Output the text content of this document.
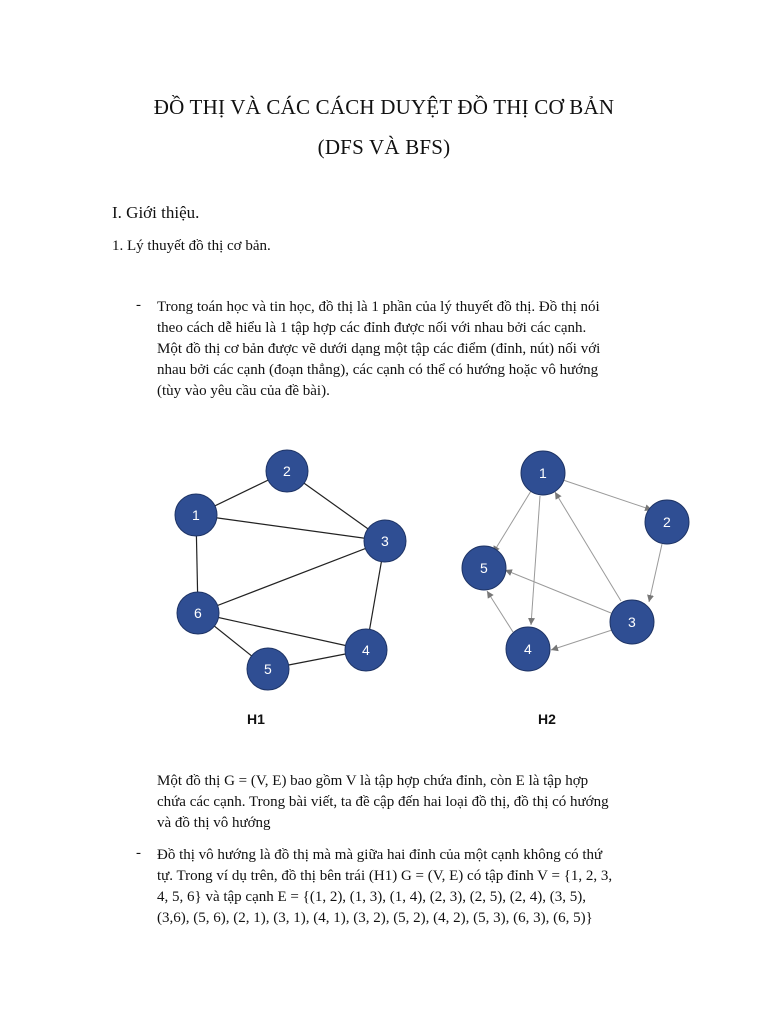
ĐỒ THỊ VÀ CÁC CÁCH DUYỆT ĐỒ THỊ CƠ BẢN
(DFS VÀ BFS)
I. Giới thiệu.
1. Lý thuyết đồ thị cơ bản.
- Trong toán học và tin học, đồ thị là 1 phần của lý thuyết đồ thị. Đồ thị nói
theo cách dễ hiểu là 1 tập hợp các đỉnh được nối với nhau bởi các cạnh.
Một đồ thị cơ bản được vẽ dưới dạng một tập các điểm (đỉnh, nút) nối với
nhau bởi các cạnh (đoạn thẳng), các cạnh có thể có hướng hoặc vô hướng
(tùy vào yêu cầu của đề bài).

1
2
3
4
5
6
1
2
3
4
5
H1	H2

Một đồ thị G = (V, E) bao gồm V là tập hợp chứa đỉnh, còn E là tập hợp
chứa các cạnh. Trong bài viết, ta đề cập đến hai loại đồ thị, đồ thị có hướng
và đồ thị vô hướng

- Đồ thị vô hướng là đồ thị mà mà giữa hai đỉnh của một cạnh không có thứ
tự. Trong ví dụ trên, đồ thị bên trái (H1) G = (V, E) có tập đỉnh V = {1, 2, 3,
4, 5, 6} và tập cạnh E = {(1, 2), (1, 3), (1, 4), (2, 3), (2, 5), (2, 4), (3, 5),
(3,6), (5, 6), (2, 1), (3, 1), (4, 1), (3, 2), (5, 2), (4, 2), (5, 3), (6, 3), (6, 5)}
